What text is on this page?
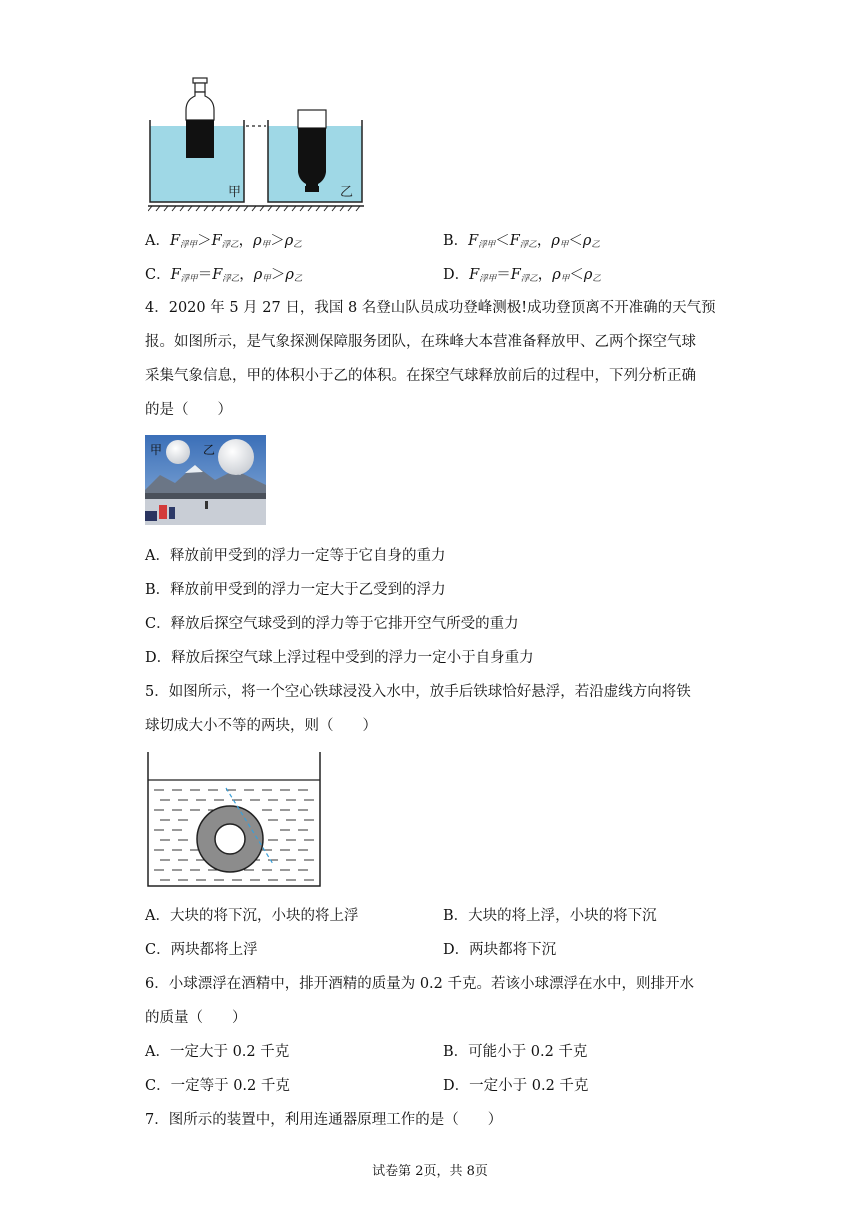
甲	乙
A．$F_{浮甲}>F_{浮乙}$，$\rho_甲>\rho_乙$	B．$F_{浮甲}<F_{浮乙}$，$\rho_甲<\rho_乙$
C．$F_{浮甲}=F_{浮乙}$，$\rho_甲>\rho_乙$	D．$F_{浮甲}=F_{浮乙}$，$\rho_甲<\rho_乙$
4．2020 年 5 月 27 日，我国 8 名登山队员成功登峰测极!成功登顶离不开准确的天气预
报。如图所示，是气象探测保障服务团队，在珠峰大本营准备释放甲、乙两个探空气球
采集气象信息，甲的体积小于乙的体积。在探空气球释放前后的过程中，下列分析正确
的是（　　）
甲	乙
A．释放前甲受到的浮力一定等于它自身的重力
B．释放前甲受到的浮力一定大于乙受到的浮力
C．释放后探空气球受到的浮力等于它排开空气所受的重力
D．释放后探空气球上浮过程中受到的浮力一定小于自身重力
5．如图所示，将一个空心铁球浸没入水中，放手后铁球恰好悬浮，若沿虚线方向将铁
球切成大小不等的两块，则（　　）
A．大块的将下沉，小块的将上浮	B．大块的将上浮，小块的将下沉
C．两块都将上浮	D．两块都将下沉
6．小球漂浮在酒精中，排开酒精的质量为 0.2 千克。若该小球漂浮在水中，则排开水
的质量（　　）
A．一定大于 0.2 千克	B．可能小于 0.2 千克
C．一定等于 0.2 千克	D．一定小于 0.2 千克
7．图所示的装置中，利用连通器原理工作的是（　　）
试卷第 2页，共 8页
